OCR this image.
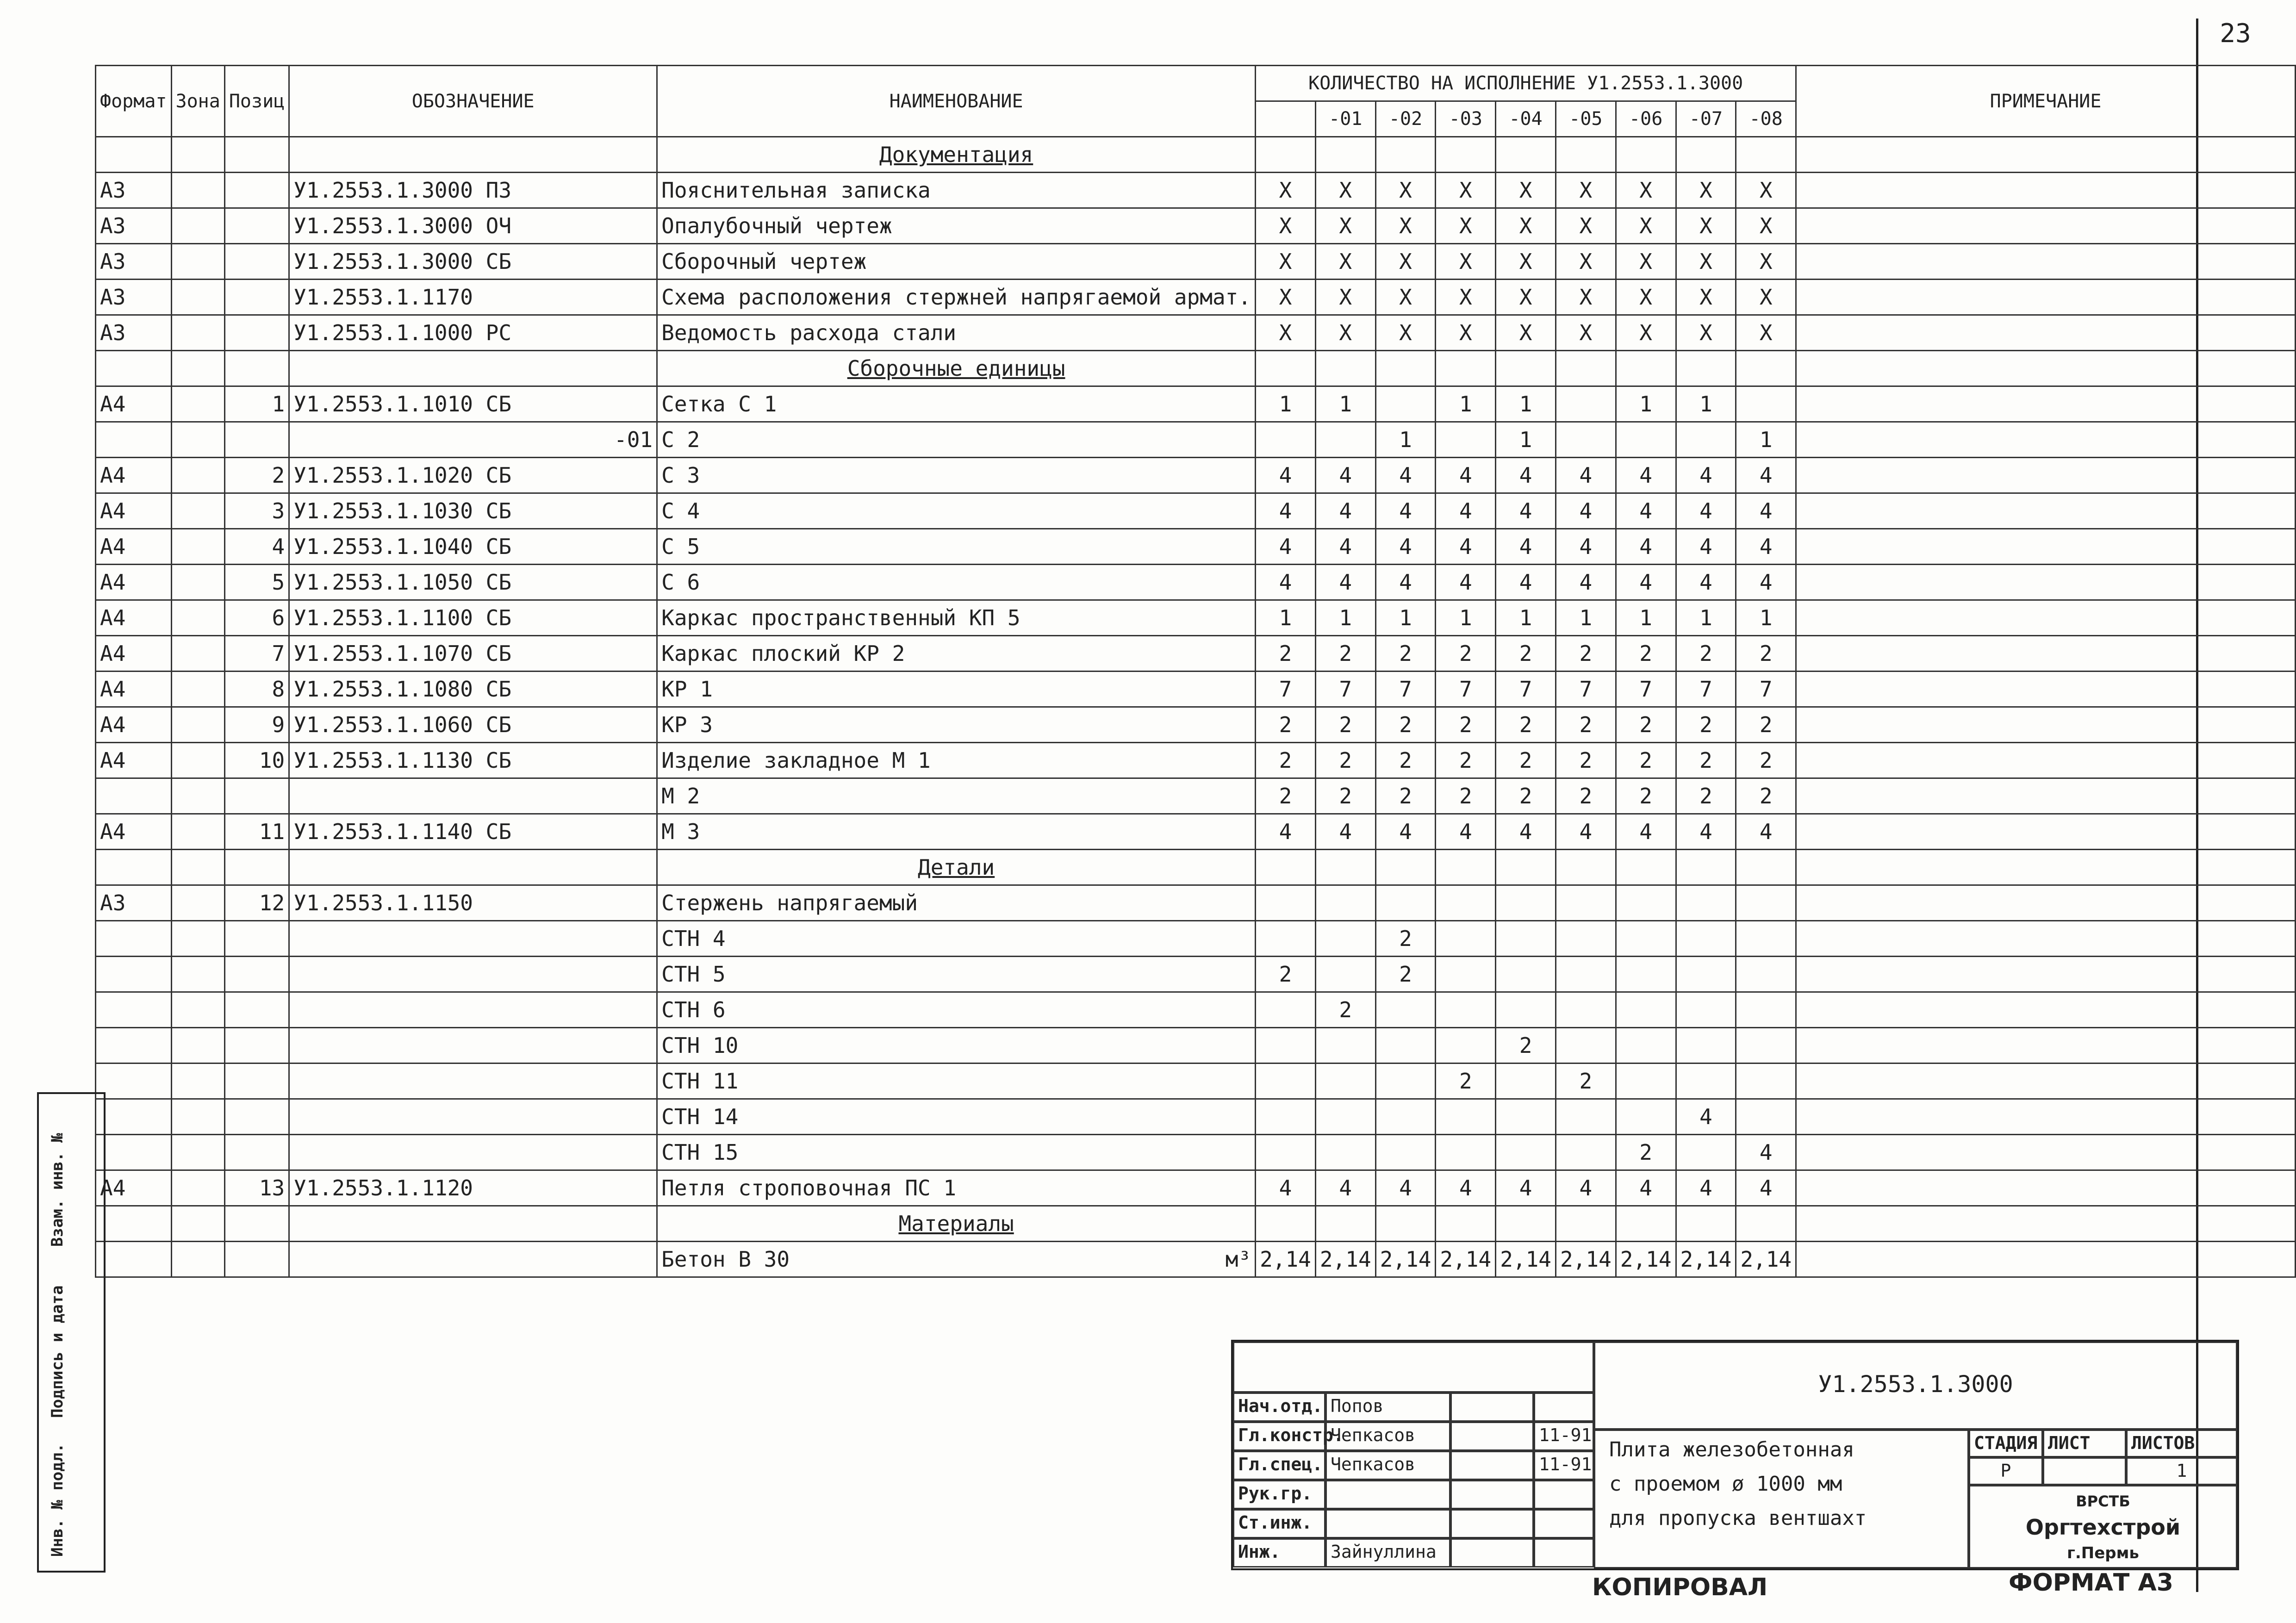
23
Формат	Зона	Позиц	ОБОЗНАЧЕНИЕ	НАИМЕНОВАНИЕ	КОЛИЧЕСТВО НА ИСПОЛНЕНИЕ У1.2553.1.3000									ПРИМЕЧАНИЕ
						-01	-02	-03	-04	-05	-06	-07	-08	
				Документация										
А3			У1.2553.1.3000 ПЗ	Пояснительная записка	Х	Х	Х	Х	Х	Х	Х	Х	Х	
А3			У1.2553.1.3000 ОЧ	Опалубочный чертеж	Х	Х	Х	Х	Х	Х	Х	Х	Х	
А3			У1.2553.1.3000 СБ	Сборочный чертеж	Х	Х	Х	Х	Х	Х	Х	Х	Х	
А3			У1.2553.1.1170	Схема расположения стержней напрягаемой армат.	Х	Х	Х	Х	Х	Х	Х	Х	Х	
А3			У1.2553.1.1000 РС	Ведомость расхода стали	Х	Х	Х	Х	Х	Х	Х	Х	Х	
				Сборочные единицы										
А4		1	У1.2553.1.1010 СБ	Сетка С 1	1	1		1	1		1	1		
			-01	С 2			1		1				1	
А4		2	У1.2553.1.1020 СБ	С 3	4	4	4	4	4	4	4	4	4	
А4		3	У1.2553.1.1030 СБ	С 4	4	4	4	4	4	4	4	4	4	
А4		4	У1.2553.1.1040 СБ	С 5	4	4	4	4	4	4	4	4	4	
А4		5	У1.2553.1.1050 СБ	С 6	4	4	4	4	4	4	4	4	4	
А4		6	У1.2553.1.1100 СБ	Каркас пространственный КП 5	1	1	1	1	1	1	1	1	1	
А4		7	У1.2553.1.1070 СБ	Каркас плоский КР 2	2	2	2	2	2	2	2	2	2	
А4		8	У1.2553.1.1080 СБ	КР 1	7	7	7	7	7	7	7	7	7	
А4		9	У1.2553.1.1060 СБ	КР 3	2	2	2	2	2	2	2	2	2	
А4		10	У1.2553.1.1130 СБ	Изделие закладное М 1	2	2	2	2	2	2	2	2	2	
				М 2	2	2	2	2	2	2	2	2	2	
А4		11	У1.2553.1.1140 СБ	М 3	4	4	4	4	4	4	4	4	4	
				Детали										
А3		12	У1.2553.1.1150	Стержень напрягаемый										
				СТН 4			2							
				СТН 5	2		2							
				СТН 6		2								
				СТН 10					2					
				СТН 11				2		2				
				СТН 14								4		
				СТН 15							2		4	
А4		13	У1.2553.1.1120	Петля строповочная ПС 1	4	4	4	4	4	4	4	4	4	
				Материалы										
				Бетон В 30 м³	2,14	2,14	2,14	2,14	2,14	2,14	2,14	2,14	2,14	
Инв. № подл.
Подпись и дата
Взам. инв. №
У1.2553.1.3000
Плита железобетонная
с проемом ø 1000 мм
для пропуска вентшахт
СТАДИЯ ЛИСТ	ЛИСТОВ
Р	1
ВРСТБ
Оргтехстрой
г.Пермь
Нач.отд. Попов
Гл.констр.
Чепкасов	11-91
Гл.спец. Чепкасов	11-91
Рук.гр.
Ст.инж.
Инж.	Зайнуллина
КОПИРОВАЛ	ФОРМАТ А3
